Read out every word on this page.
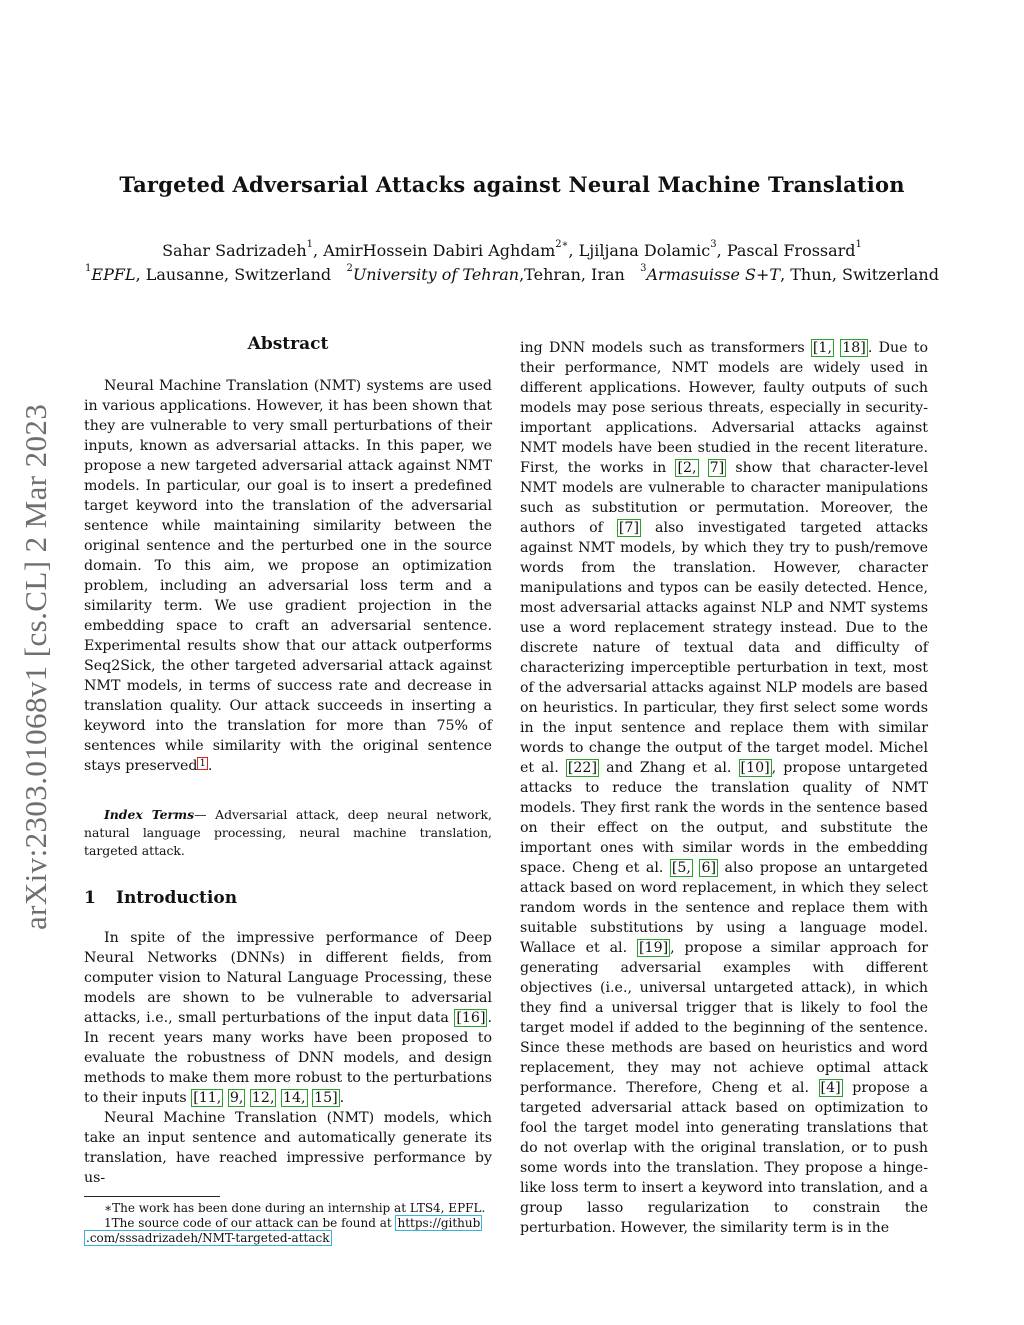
arXiv:2303.01068v1 [cs.CL] 2 Mar 2023
Targeted Adversarial Attacks against Neural Machine Translation
Sahar Sadrizadeh$^1$, AmirHossein Dabiri Aghdam$^{2∗}$, Ljiljana Dolamic$^3$, Pascal Frossard$^1$
$^1$EPFL, Lausanne, Switzerland $^2$University of Tehran,Tehran, Iran $^3$Armasuisse S+T, Thun, Switzerland
Abstract

Neural Machine Translation (NMT) systems are used in various applications. However, it has been shown that they are vulnerable to very small perturbations of their inputs, known as adversarial attacks. In this paper, we propose a new targeted adversarial attack against NMT models. In particular, our goal is to insert a predefined target keyword into the translation of the adversarial sentence while maintaining similarity between the original sentence and the perturbed one in the source domain. To this aim, we propose an optimization problem, including an adversarial loss term and a similarity term. We use gradient projection in the embedding space to craft an adversarial sentence. Experimental results show that our attack outperforms Seq2Sick, the other targeted adversarial attack against NMT models, in terms of success rate and decrease in translation quality. Our attack succeeds in inserting a keyword into the translation for more than 75% of sentences while similarity with the original sentence stays preserved $^1$ .

Index Terms— Adversarial attack, deep neural network, natural language processing, neural machine translation, targeted attack.

1 Introduction

In spite of the impressive performance of Deep Neural Networks (DNNs) in different fields, from computer vision to Natural Language Processing, these models are shown to be vulnerable to adversarial attacks, i.e., small perturbations of the input data [16] . In recent years many works have been proposed to evaluate the robustness of DNN models, and design methods to make them more robust to the perturbations to their inputs [11, 9, 12, 14, 15] .

Neural Machine Translation (NMT) models, which take an input sentence and automatically generate its translation, have reached impressive performance by us-

∗The work has been done during an internship at LTS4, EPFL.

1The source code of our attack can be found at https://github
.com/sssadrizadeh/NMT-targeted-attack

ing DNN models such as transformers [1, 18] . Due to their performance, NMT models are widely used in different applications. However, faulty outputs of such models may pose serious threats, especially in security-important applications. Adversarial attacks against NMT models have been studied in the recent literature. First, the works in [2, 7] show that character-level NMT models are vulnerable to character manipulations such as substitution or permutation. Moreover, the authors of [7] also investigated targeted attacks against NMT models, by which they try to push/remove words from the translation. However, character manipulations and typos can be easily detected. Hence, most adversarial attacks against NLP and NMT systems use a word replacement strategy instead. Due to the discrete nature of textual data and difficulty of characterizing imperceptible perturbation in text, most of the adversarial attacks against NLP models are based on heuristics. In particular, they first select some words in the input sentence and replace them with similar words to change the output of the target model. Michel et al. [22] and Zhang et al. [10] , propose untargeted attacks to reduce the translation quality of NMT models. They first rank the words in the sentence based on their effect on the output, and substitute the important ones with similar words in the embedding space. Cheng et al. [5, 6] also propose an untargeted attack based on word replacement, in which they select random words in the sentence and replace them with suitable substitutions by using a language model. Wallace et al. [19] , propose a similar approach for generating adversarial examples with different objectives (i.e., universal untargeted attack), in which they find a universal trigger that is likely to fool the target model if added to the beginning of the sentence. Since these methods are based on heuristics and word replacement, they may not achieve optimal attack performance. Therefore, Cheng et al. [4] propose a targeted adversarial attack based on optimization to fool the target model into generating translations that do not overlap with the original translation, or to push some words into the translation. They propose a hinge-like loss term to insert a keyword into translation, and a group lasso regularization to constrain the perturbation. However, the similarity term is in the
